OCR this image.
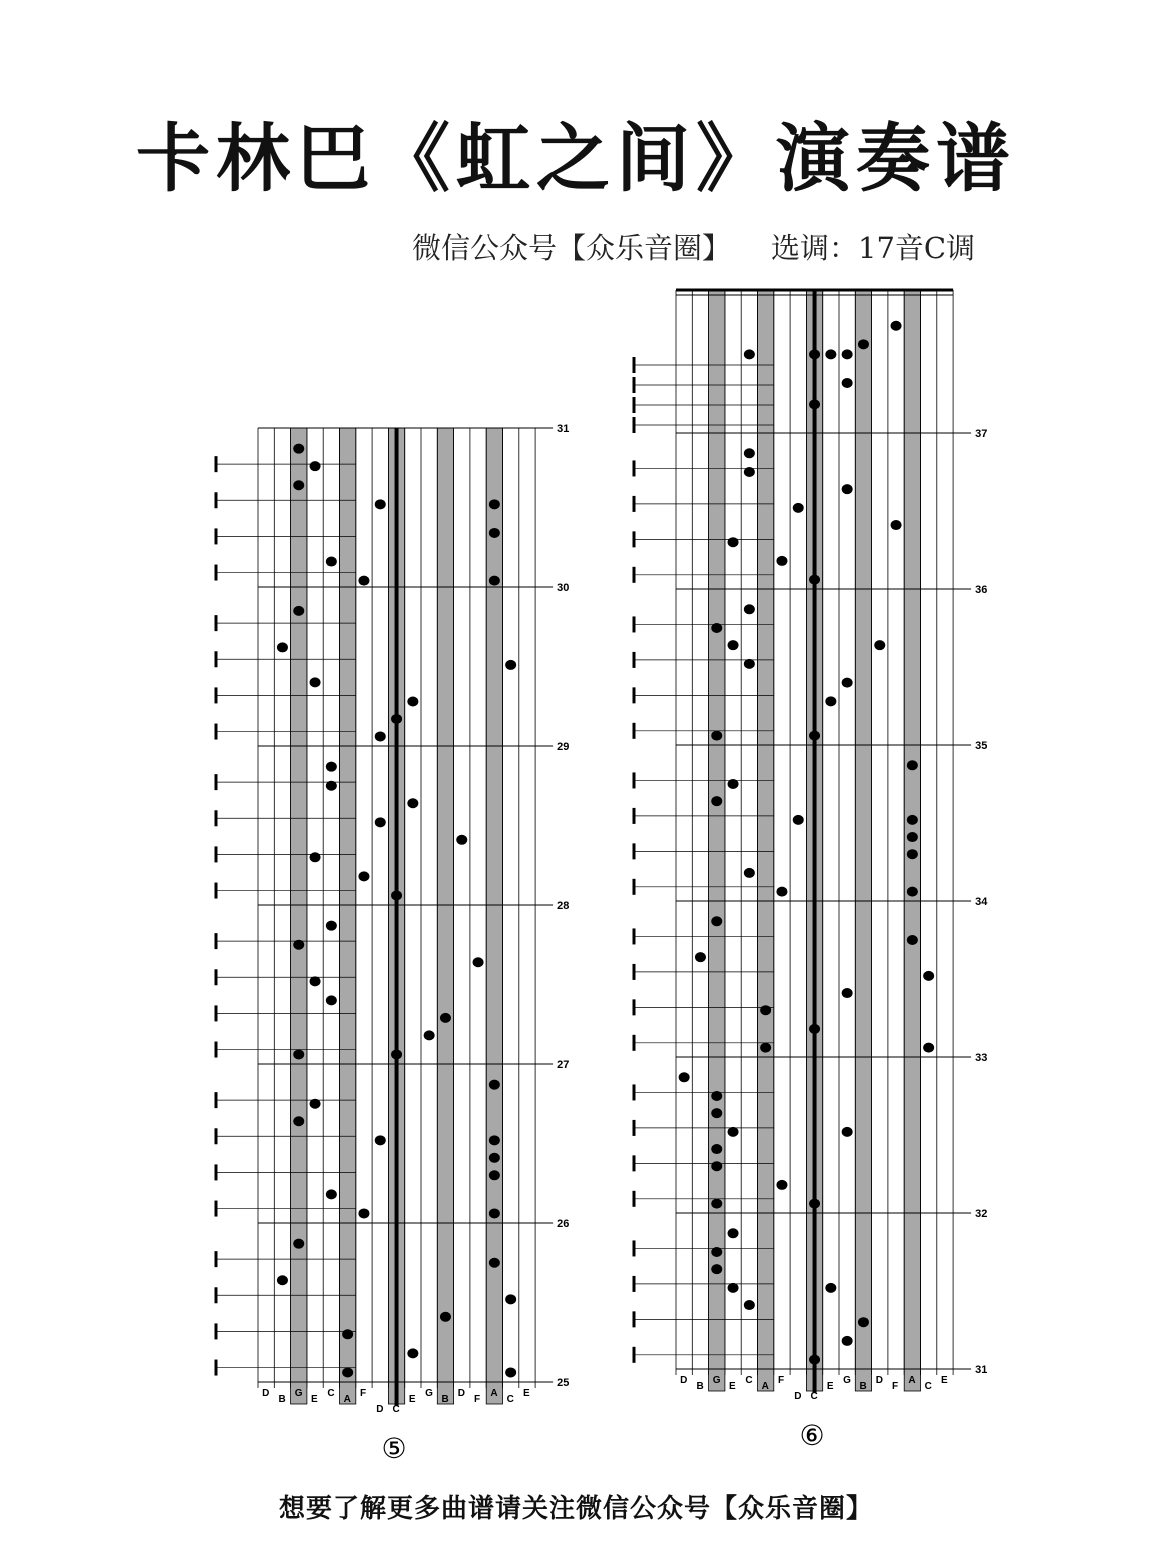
卡林巴《虹之间》演奏谱
微信公众号【众乐音圈】 选调：17音C调
31
30
29
28
27
26
25
D
B
G
E
C
A
F
D C
E
G
B
D
F
A
C
E
⑤
37
36
35
34
33
32
31
D
B
G
E
C
A
F
D C
E
G
B
D
F
A
C
E
⑥
想要了解更多曲谱请关注微信公众号【众乐音圈】
